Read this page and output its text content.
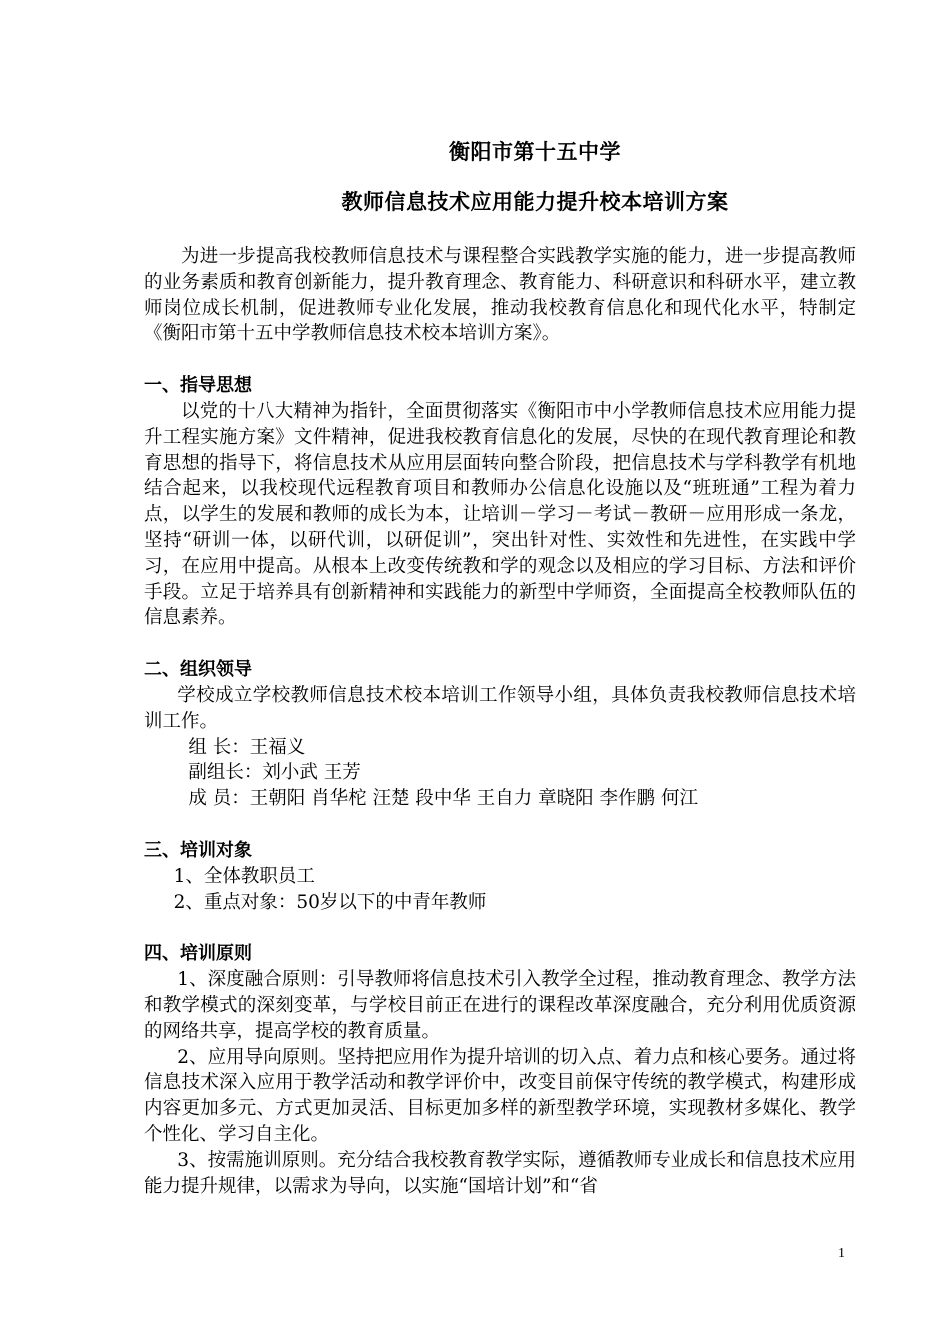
衡阳市第十五中学
教师信息技术应用能力提升校本培训方案

为进一步提高我校教师信息技术与课程整合实践教学实施的能力，进一步提高教师的业务素质和教育创新能力，提升教育理念、教育能力、科研意识和科研水平，建立教师岗位成长机制，促进教师专业化发展，推动我校教育信息化和现代化水平，特制定《衡阳市第十五中学教师信息技术校本培训方案》。

一、指导思想

以党的十八大精神为指针，全面贯彻落实《衡阳市中小学教师信息技术应用能力提升工程实施方案》文件精神，促进我校教育信息化的发展，尽快的在现代教育理论和教育思想的指导下，将信息技术从应用层面转向整合阶段，把信息技术与学科教学有机地结合起来，以我校现代远程教育项目和教师办公信息化设施以及“班班通”工程为着力点，以学生的发展和教师的成长为本，让培训－学习－考试－教研－应用形成一条龙，坚持“研训一体，以研代训，以研促训”，突出针对性、实效性和先进性，在实践中学习，在应用中提高。从根本上改变传统教和学的观念以及相应的学习目标、方法和评价手段。立足于培养具有创新精神和实践能力的新型中学师资，全面提高全校教师队伍的信息素养。

二、组织领导

学校成立学校教师信息技术校本培训工作领导小组，具体负责我校教师信息技术培训工作。

组 长：王福义

副组长：刘小武 王芳

成 员：王朝阳 肖华柁 汪楚 段中华 王自力 章晓阳 李作鹏 何江

三、培训对象

1、全体教职员工

2、重点对象：50岁以下的中青年教师

四、培训原则

1、深度融合原则：引导教师将信息技术引入教学全过程，推动教育理念、教学方法和教学模式的深刻变革，与学校目前正在进行的课程改革深度融合，充分利用优质资源的网络共享，提高学校的教育质量。

2、应用导向原则。坚持把应用作为提升培训的切入点、着力点和核心要务。通过将信息技术深入应用于教学活动和教学评价中，改变目前保守传统的教学模式，构建形成内容更加多元、方式更加灵活、目标更加多样的新型教学环境，实现教材多媒化、教学个性化、学习自主化。

3、按需施训原则。充分结合我校教育教学实际，遵循教师专业成长和信息技术应用能力提升规律，以需求为导向，以实施“国培计划”和“省

1
